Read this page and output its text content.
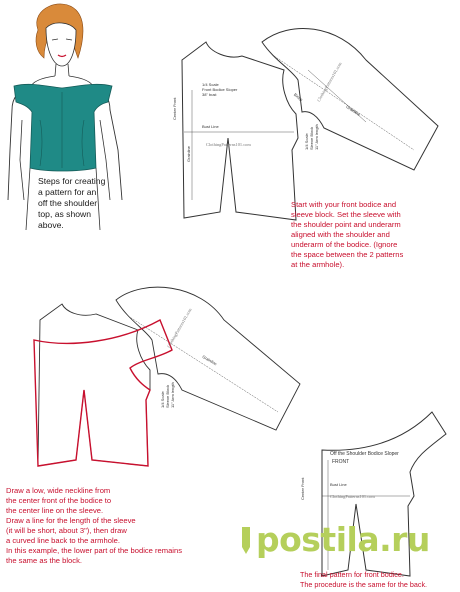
Steps for creating
a pattern for an
off the shoulder
top, as shown
above.
1/4 Scale
Front Bodice Sloper
38" bust
Bust Line
Center Front
Grainline
ClothingPatterns101.com	1/4 Scale Sleeve Block 11" Arm length
Bicep
Grainline
ClothingPatterns101.com
Start with your front bodice and
sleeve block. Set the sleeve with
the shoulder point and underarm
aligned with the shoulder and
underarm of the bodice. (Ignore
the space between the 2 patterns
at the armhole).
ClothingPatterns101.com
1/4 Scale Sleeve Block 11" Arm length
Grainline
Draw a low, wide neckline from
the center front of the bodice to
the center line on the sleeve.
Draw a line for the length of the sleeve
(it will be short, about 3"), then draw
a curved line back to the armhole.
In this example, the lower part of the bodice remains
the same as the block.
Off the Shoulder Bodice Sloper
FRONT
Bust Line
Center Front	ClothingPatterns101.com
postila.ru
The final pattern for front bodice.
The procedure is the same for the back.
